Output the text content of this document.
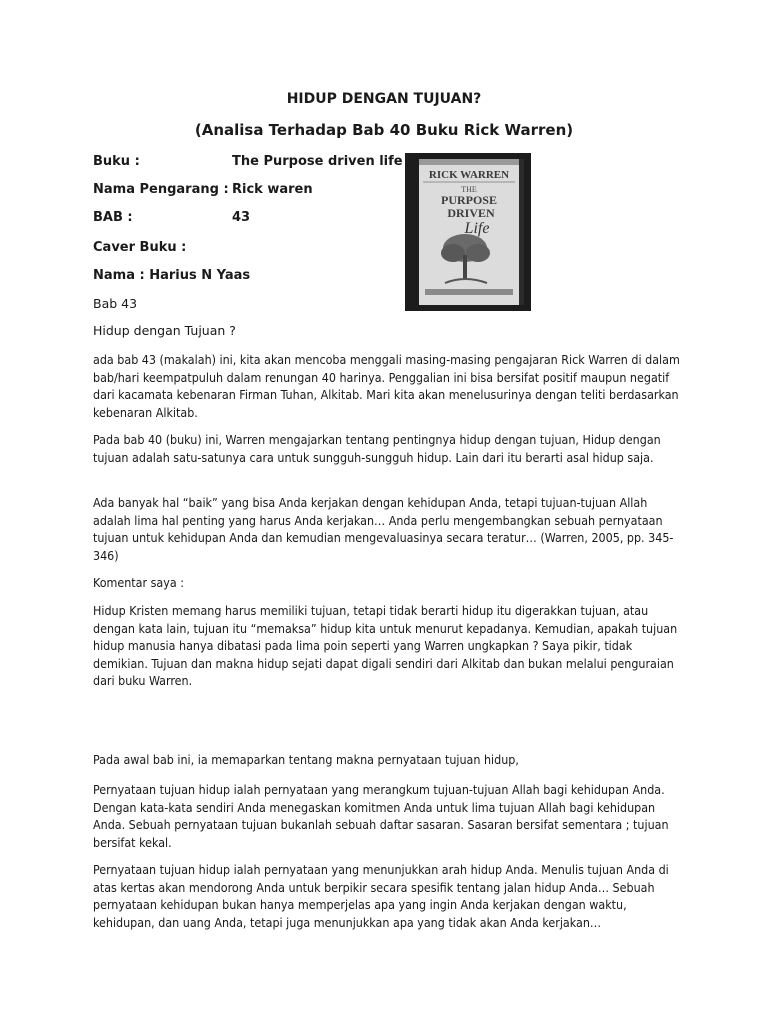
HIDUP DENGAN TUJUAN?
(Analisa Terhadap Bab 40 Buku Rick Warren)
Buku :	The Purpose driven life
Nama Pengarang : Rick waren
BAB :	43
Caver Buku :
Nama : Harius N Yaas
Bab 43
Hidup dengan Tujuan ?
RICK WARREN
THE
PURPOSE
DRIVEN
Life
ada bab 43 (makalah) ini, kita akan mencoba menggali masing-masing pengajaran Rick Warren di dalam bab/hari keempatpuluh dalam renungan 40 harinya. Penggalian ini bisa bersifat positif maupun negatif dari kacamata kebenaran Firman Tuhan, Alkitab. Mari kita akan menelusurinya dengan teliti berdasarkan kebenaran Alkitab.
Pada bab 40 (buku) ini, Warren mengajarkan tentang pentingnya hidup dengan tujuan, Hidup dengan tujuan adalah satu-satunya cara untuk sungguh-sungguh hidup. Lain dari itu berarti asal hidup saja.
Ada banyak hal “baik” yang bisa Anda kerjakan dengan kehidupan Anda, tetapi tujuan-tujuan Allah adalah lima hal penting yang harus Anda kerjakan… Anda perlu mengembangkan sebuah pernyataan tujuan untuk kehidupan Anda dan kemudian mengevaluasinya secara teratur… (Warren, 2005, pp. 345-346)
Komentar saya :
Hidup Kristen memang harus memiliki tujuan, tetapi tidak berarti hidup itu digerakkan tujuan, atau dengan kata lain, tujuan itu “memaksa” hidup kita untuk menurut kepadanya. Kemudian, apakah tujuan hidup manusia hanya dibatasi pada lima poin seperti yang Warren ungkapkan ? Saya pikir, tidak demikian. Tujuan dan makna hidup sejati dapat digali sendiri dari Alkitab dan bukan melalui penguraian dari buku Warren.
Pada awal bab ini, ia memaparkan tentang makna pernyataan tujuan hidup,
Pernyataan tujuan hidup ialah pernyataan yang merangkum tujuan-tujuan Allah bagi kehidupan Anda. Dengan kata-kata sendiri Anda menegaskan komitmen Anda untuk lima tujuan Allah bagi kehidupan Anda. Sebuah pernyataan tujuan bukanlah sebuah daftar sasaran. Sasaran bersifat sementara ; tujuan bersifat kekal.
Pernyataan tujuan hidup ialah pernyataan yang menunjukkan arah hidup Anda. Menulis tujuan Anda di atas kertas akan mendorong Anda untuk berpikir secara spesifik tentang jalan hidup Anda… Sebuah pernyataan kehidupan bukan hanya memperjelas apa yang ingin Anda kerjakan dengan waktu, kehidupan, dan uang Anda, tetapi juga menunjukkan apa yang tidak akan Anda kerjakan…
